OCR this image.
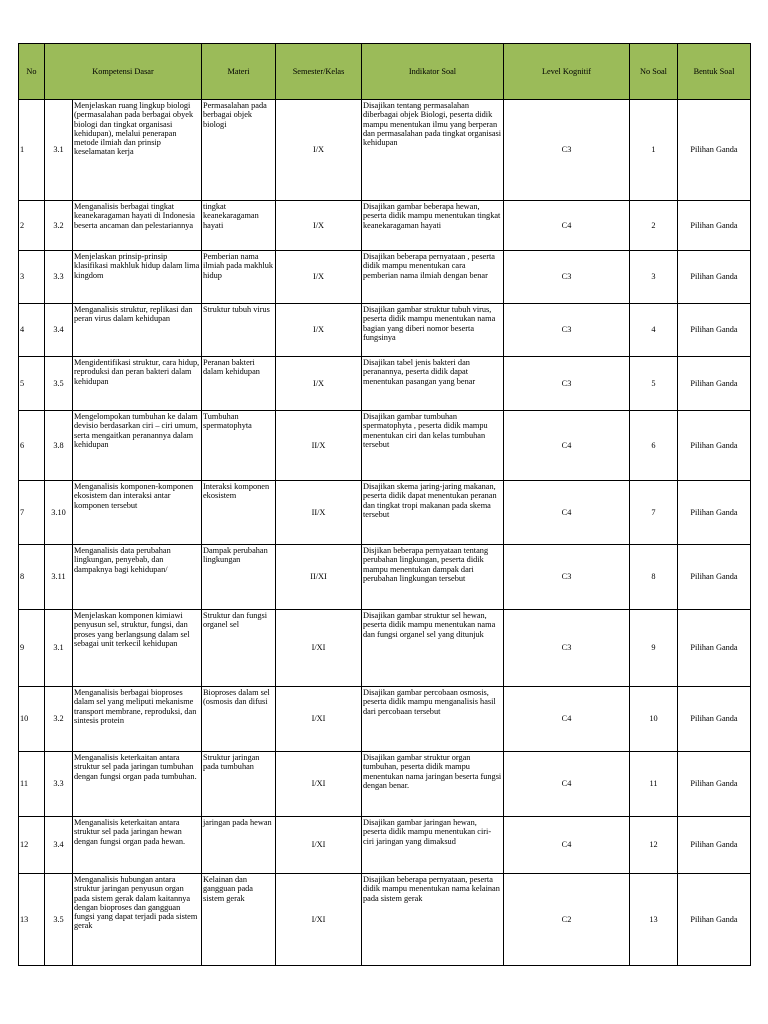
No	Kompetensi Dasar		Materi	Semester/Kelas	Indikator Soal	Level Kognitif	No Soal	Bentuk Soal
1	3.1	Menjelaskan ruang lingkup biologi (permasalahan pada berbagai obyek biologi dan tingkat organisasi kehidupan), melalui penerapan metode ilmiah dan prinsip keselamatan kerja	Permasalahan pada berbagai objek biologi	I/X	Disajikan tentang permasalahan diberbagai objek Biologi, peserta didik mampu menentukan ilmu yang berperan dan permasalahan pada tingkat organisasi kehidupan	C3	1	Pilihan Ganda
2	3.2	Menganalisis berbagai tingkat keanekaragaman hayati di Indonesia beserta ancaman dan pelestariannya	tingkat keanekaragaman hayati	I/X	Disajikan gambar beberapa hewan, peserta didik mampu menentukan tingkat keanekaragaman hayati	C4	2	Pilihan Ganda
3	3.3	Menjelaskan prinsip-prinsip klasifikasi makhluk hidup dalam lima kingdom	Pemberian nama ilmiah pada makhluk hidup	I/X	Disajikan beberapa pernyataan , peserta didik mampu menentukan cara pemberian nama ilmiah dengan benar	C3	3	Pilihan Ganda
4	3.4	Menganalisis struktur, replikasi dan peran virus dalam kehidupan	Struktur tubuh virus	I/X	Disajikan gambar struktur tubuh virus, peserta didik mampu menentukan nama bagian yang diberi nomor beserta fungsinya	C3	4	Pilihan Ganda
5	3.5	Mengidentifikasi struktur, cara hidup, reproduksi dan peran bakteri dalam kehidupan	Peranan bakteri dalam kehidupan	I/X	Disajikan tabel jenis bakteri dan peranannya, peserta didik dapat menentukan pasangan yang benar	C3	5	Pilihan Ganda
6	3.8	Mengelompokan tumbuhan ke dalam devisio berdasarkan ciri – ciri umum, serta mengaitkan peranannya dalam kehidupan	Tumbuhan spermatophyta	II/X	Disajikan gambar tumbuhan spermatophyta , peserta didik mampu menentukan ciri dan kelas tumbuhan tersebut	C4	6	Pilihan Ganda
7	3.10	Menganalisis komponen-komponen ekosistem dan interaksi antar komponen tersebut	Interaksi komponen ekosistem	II/X	Disajikan skema jaring-jaring makanan, peserta didik dapat menentukan peranan dan tingkat tropi makanan pada skema tersebut	C4	7	Pilihan Ganda
8	3.11	Menganalisis data perubahan lingkungan, penyebab, dan dampaknya bagi kehidupan/	Dampak perubahan lingkungan	II/XI	Disjikan beberapa pernyataan tentang perubahan lingkungan, peserta didik mampu menentukan dampak dari perubahan lingkungan tersebut	C3	8	Pilihan Ganda
9	3.1	Menjelaskan komponen kimiawi penyusun sel, struktur, fungsi, dan proses yang berlangsung dalam sel sebagai unit terkecil kehidupan	Struktur dan fungsi organel sel	I/XI	Disajikan gambar struktur sel hewan, peserta didik mampu menentukan nama dan fungsi organel sel yang ditunjuk	C3	9	Pilihan Ganda
10	3.2	Menganalisis berbagai bioproses dalam sel yang meliputi mekanisme transport membrane, reproduksi, dan sintesis protein	Bioproses dalam sel (osmosis dan difusi	I/XI	Disajikan gambar percobaan osmosis, peserta didik mampu menganalisis hasil dari percobaan tersebut	C4	10	Pilihan Ganda
11	3.3	Menganalisis keterkaitan antara struktur sel pada jaringan tumbuhan dengan fungsi organ pada tumbuhan.	Struktur jaringan pada tumbuhan	I/XI	Disajikan gambar struktur organ tumbuhan, peserta didik mampu menentukan nama jaringan beserta fungsi dengan benar.	C4	11	Pilihan Ganda
12	3.4	Menganalisis keterkaitan antara struktur sel pada jaringan hewan dengan fungsi organ pada hewan.	jaringan pada hewan	I/XI	Disajikan gambar jaringan hewan, peserta didik mampu menentukan ciri-ciri jaringan yang dimaksud	C4	12	Pilihan Ganda
13	3.5	Menganalisis hubungan antara struktur jaringan penyusun organ pada sistem gerak dalam kaitannya dengan bioproses dan gangguan fungsi yang dapat terjadi pada sistem gerak	Kelainan dan gangguan pada sistem gerak	I/XI	Disajikan beberapa pernyataan, peserta didik mampu menentukan nama kelainan pada sistem gerak	C2	13	Pilihan Ganda
